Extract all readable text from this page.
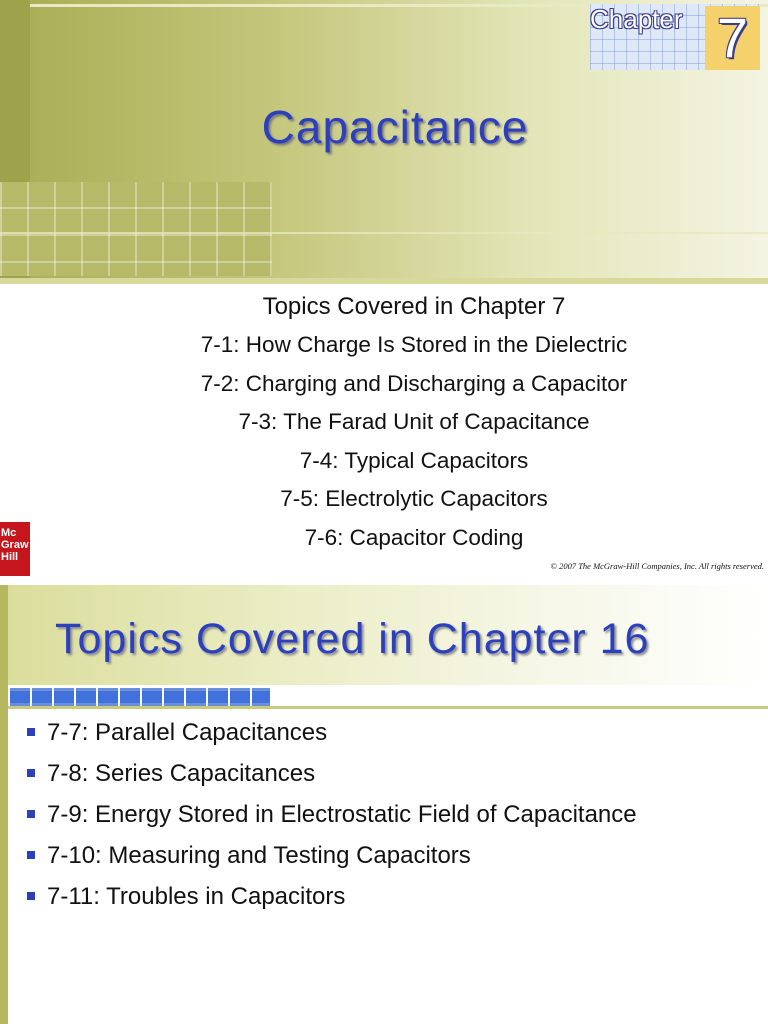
Chapter 7
Capacitance
Topics Covered in Chapter 7
7-1: How Charge Is Stored in the Dielectric
7-2: Charging and Discharging a Capacitor
7-3: The Farad Unit of Capacitance
7-4: Typical Capacitors
7-5: Electrolytic Capacitors
7-6: Capacitor Coding
Mc
Graw
Hill
© 2007 The McGraw-Hill Companies, Inc. All rights reserved.
Topics Covered in Chapter 16
7-7: Parallel Capacitances
7-8: Series Capacitances
7-9: Energy Stored in Electrostatic Field of Capacitance
7-10: Measuring and Testing Capacitors
7-11: Troubles in Capacitors
